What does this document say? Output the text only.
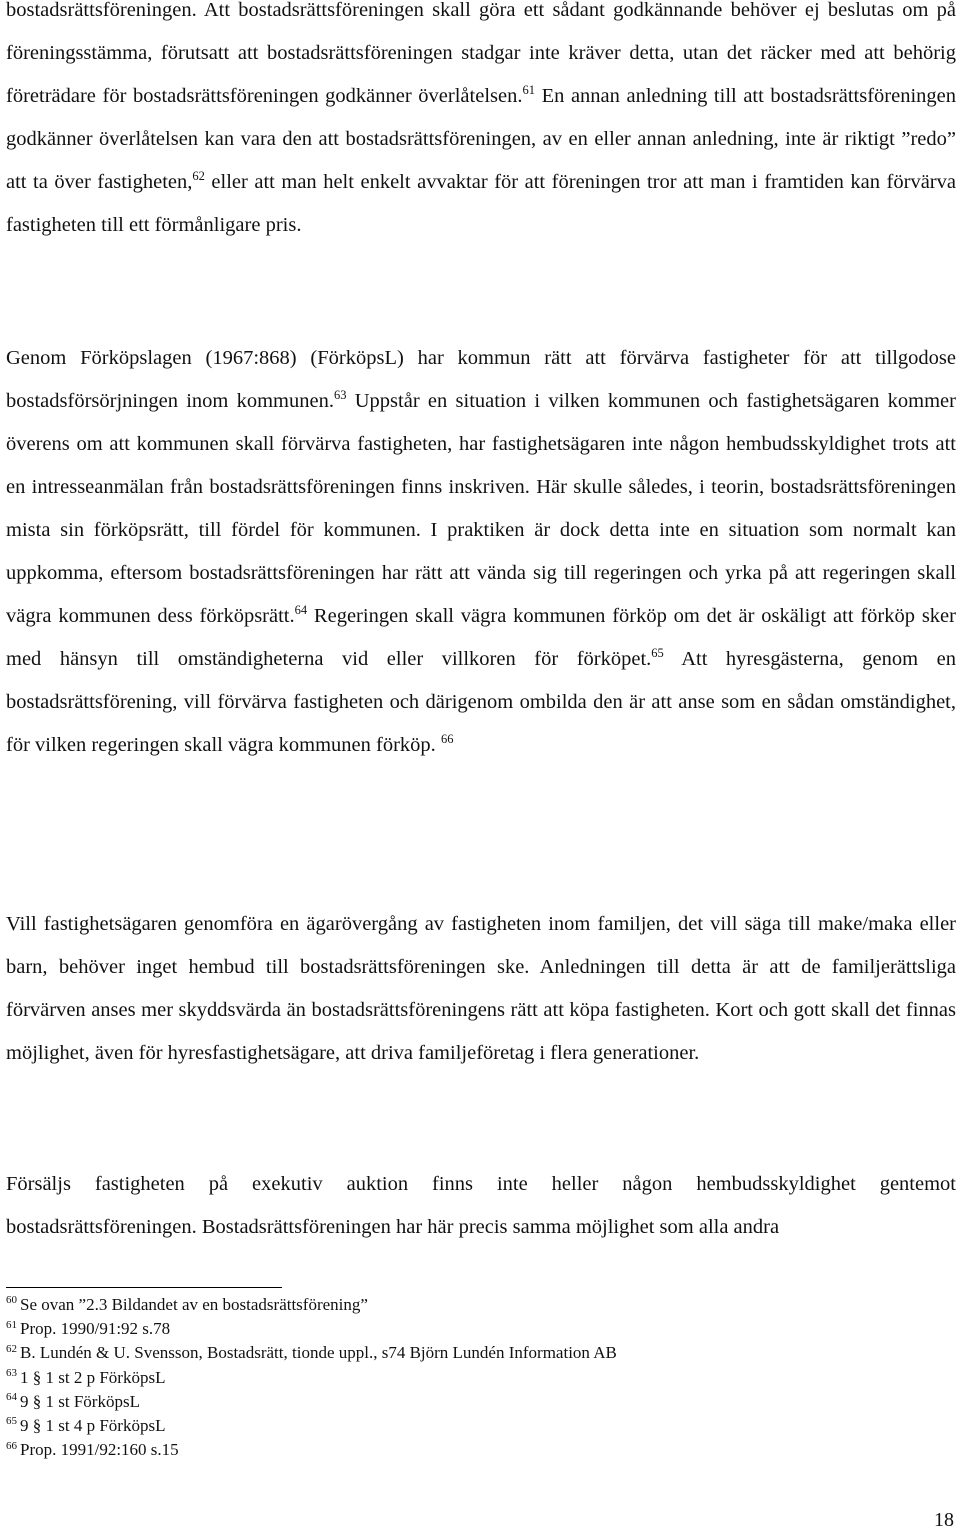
bostadsrättsföreningen. Att bostadsrättsföreningen skall göra ett sådant godkännande behöver ej beslutas om på föreningsstämma, förutsatt att bostadsrättsföreningen stadgar inte kräver detta, utan det räcker med att behörig företrädare för bostadsrättsföreningen godkänner överlåtelsen.$^{61}$ En annan anledning till att bostadsrättsföreningen godkänner överlåtelsen kan vara den att bostadsrättsföreningen, av en eller annan anledning, inte är riktigt ”redo” att ta över fastigheten,$^{62}$ eller att man helt enkelt avvaktar för att föreningen tror att man i framtiden kan förvärva fastigheten till ett förmånligare pris.

Genom Förköpslagen (1967:868) (FörköpsL) har kommun rätt att förvärva fastigheter för att tillgodose bostadsförsörjningen inom kommunen.$^{63}$ Uppstår en situation i vilken kommunen och fastighetsägaren kommer överens om att kommunen skall förvärva fastigheten, har fastighetsägaren inte någon hembudsskyldighet trots att en intresseanmälan från bostadsrättsföreningen finns inskriven. Här skulle således, i teorin, bostadsrättsföreningen mista sin förköpsrätt, till fördel för kommunen. I praktiken är dock detta inte en situation som normalt kan uppkomma, eftersom bostadsrättsföreningen har rätt att vända sig till regeringen och yrka på att regeringen skall vägra kommunen dess förköpsrätt.$^{64}$ Regeringen skall vägra kommunen förköp om det är oskäligt att förköp sker med hänsyn till omständigheterna vid eller villkoren för förköpet.$^{65}$ Att hyresgästerna, genom en bostadsrättsförening, vill förvärva fastigheten och därigenom ombilda den är att anse som en sådan omständighet, för vilken regeringen skall vägra kommunen förköp. $^{66}$

Vill fastighetsägaren genomföra en ägarövergång av fastigheten inom familjen, det vill säga till make/maka eller barn, behöver inget hembud till bostadsrättsföreningen ske. Anledningen till detta är att de familjerättsliga förvärven anses mer skyddsvärda än bostadsrättsföreningens rätt att köpa fastigheten. Kort och gott skall det finnas möjlighet, även för hyresfastighetsägare, att driva familjeföretag i flera generationer.

Försäljs fastigheten på exekutiv auktion finns inte heller någon hembudsskyldighet gentemot bostadsrättsföreningen. Bostadsrättsföreningen har här precis samma möjlighet som alla andra

$^{60}$ Se ovan ”2.3 Bildandet av en bostadsrättsförening”
$^{61}$ Prop. 1990/91:92 s.78
$^{62}$ B. Lundén & U. Svensson, Bostadsrätt, tionde uppl., s74 Björn Lundén Information AB
$^{63}$ 1 § 1 st 2 p FörköpsL
$^{64}$ 9 § 1 st FörköpsL
$^{65}$ 9 § 1 st 4 p FörköpsL
$^{66}$ Prop. 1991/92:160 s.15
18
